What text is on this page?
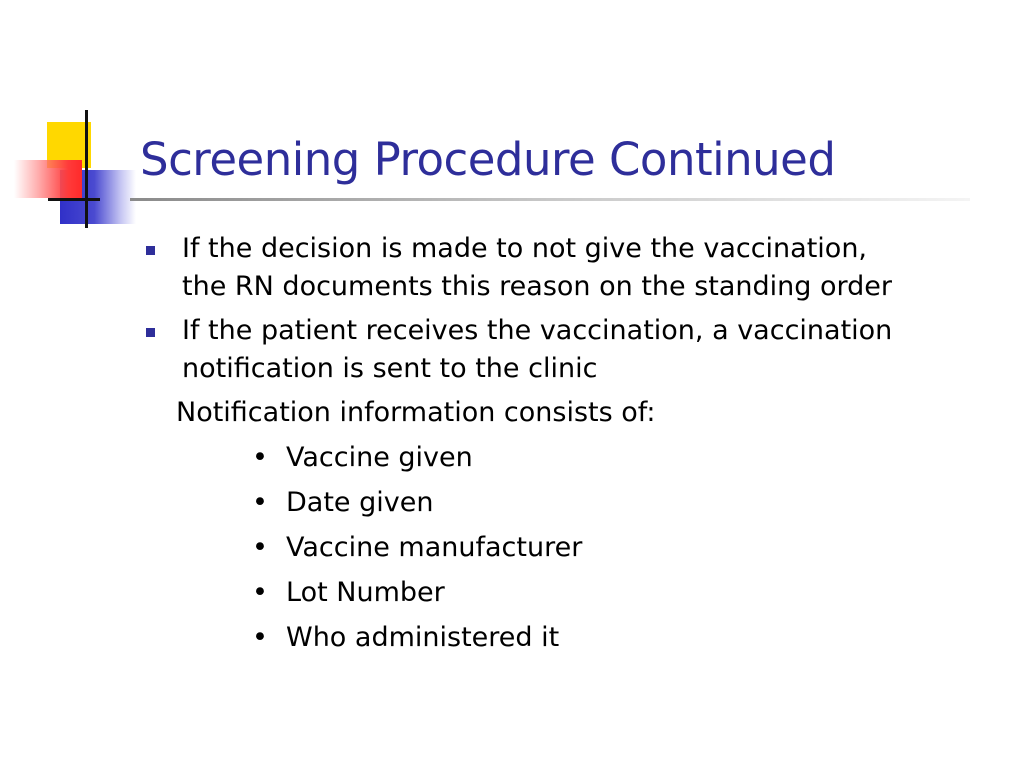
Screening Procedure Continued
If the decision is made to not give the vaccination,
the RN documents this reason on the standing order
If the patient receives the vaccination, a vaccination
notification is sent to the clinic
Notification information consists of:
• Vaccine given
• Date given
• Vaccine manufacturer
• Lot Number
• Who administered it
